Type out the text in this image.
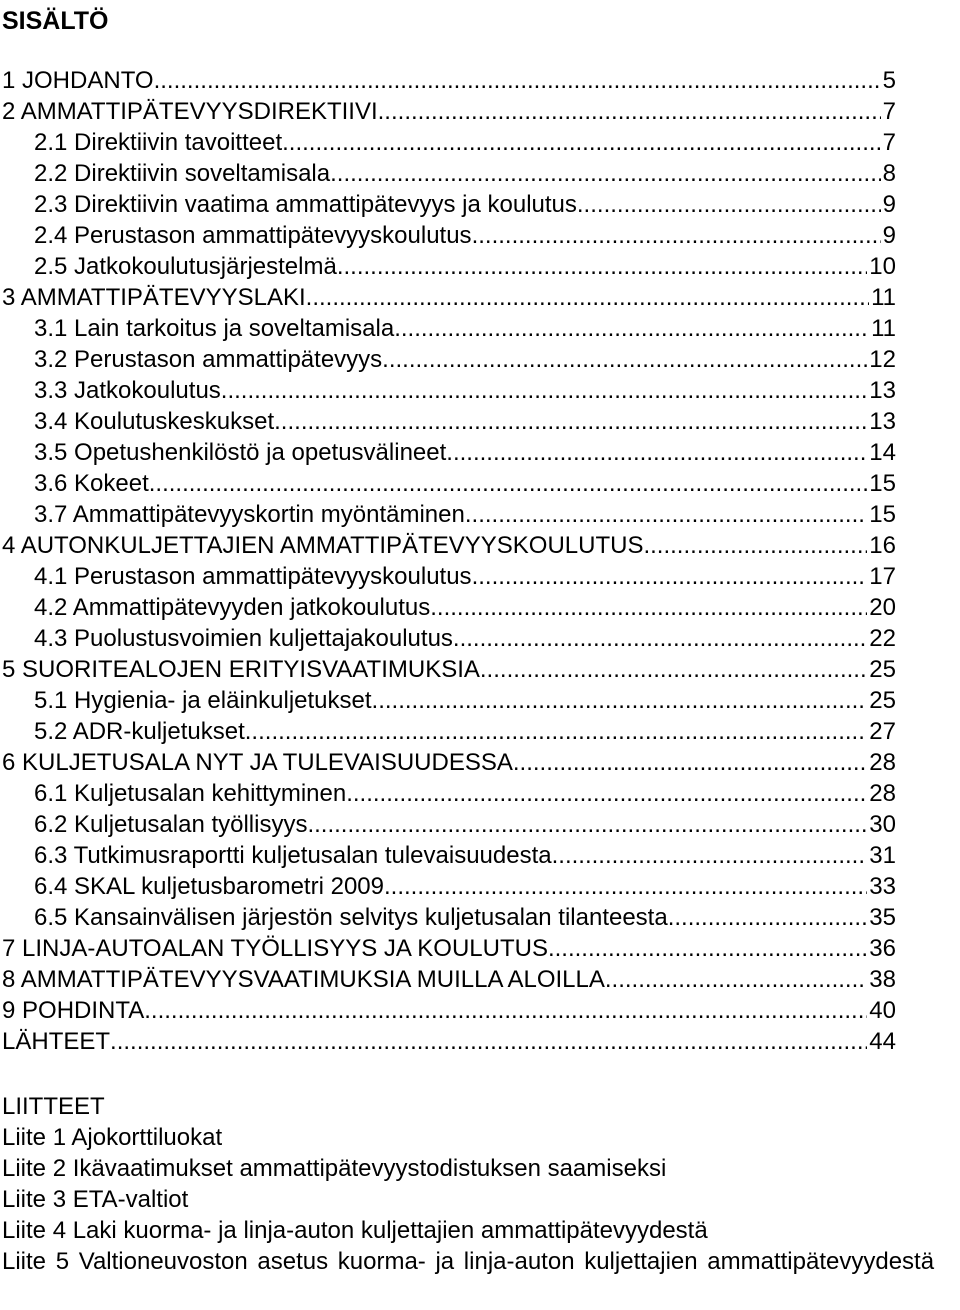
SISÄLTÖ
1 JOHDANTO .....	5
2 AMMATTIPÄTEVYYSDIREKTIIVI .....	7
2.1 Direktiivin tavoitteet .....	7
2.2 Direktiivin soveltamisala .....	8
2.3 Direktiivin vaatima ammattipätevyys ja koulutus .....	9
2.4 Perustason ammattipätevyyskoulutus .....	9
2.5 Jatkokoulutusjärjestelmä .....	10
3 AMMATTIPÄTEVYYSLAKI .....	11
3.1 Lain tarkoitus ja soveltamisala .....	11
3.2 Perustason ammattipätevyys .....	12
3.3 Jatkokoulutus .....	13
3.4 Koulutuskeskukset .....	13
3.5 Opetushenkilöstö ja opetusvälineet .....	14
3.6 Kokeet .....	15
3.7 Ammattipätevyyskortin myöntäminen .....	15
4 AUTONKULJETTAJIEN AMMATTIPÄTEVYYSKOULUTUS .....	16
4.1 Perustason ammattipätevyyskoulutus .....	17
4.2 Ammattipätevyyden jatkokoulutus .....	20
4.3 Puolustusvoimien kuljettajakoulutus .....	22
5 SUORITEALOJEN ERITYISVAATIMUKSIA .....	25
5.1 Hygienia- ja eläinkuljetukset .....	25
5.2 ADR-kuljetukset .....	27
6 KULJETUSALA NYT JA TULEVAISUUDESSA .....	28
6.1 Kuljetusalan kehittyminen .....	28
6.2 Kuljetusalan työllisyys .....	30
6.3 Tutkimusraportti kuljetusalan tulevaisuudesta .....	31
6.4 SKAL kuljetusbarometri 2009 .....	33
6.5 Kansainvälisen järjestön selvitys kuljetusalan tilanteesta .....	35
7 LINJA-AUTOALAN TYÖLLISYYS JA KOULUTUS .....	36
8 AMMATTIPÄTEVYYSVAATIMUKSIA MUILLA ALOILLA .....	38
9 POHDINTA .....	40
LÄHTEET .....	44
LIITTEET
Liite 1 Ajokorttiluokat
Liite 2 Ikävaatimukset ammattipätevyystodistuksen saamiseksi
Liite 3 ETA-valtiot
Liite 4 Laki kuorma- ja linja-auton kuljettajien ammattipätevyydestä
Liite 5 Valtioneuvoston asetus kuorma- ja linja-auton kuljettajien ammattipätevyydestä
